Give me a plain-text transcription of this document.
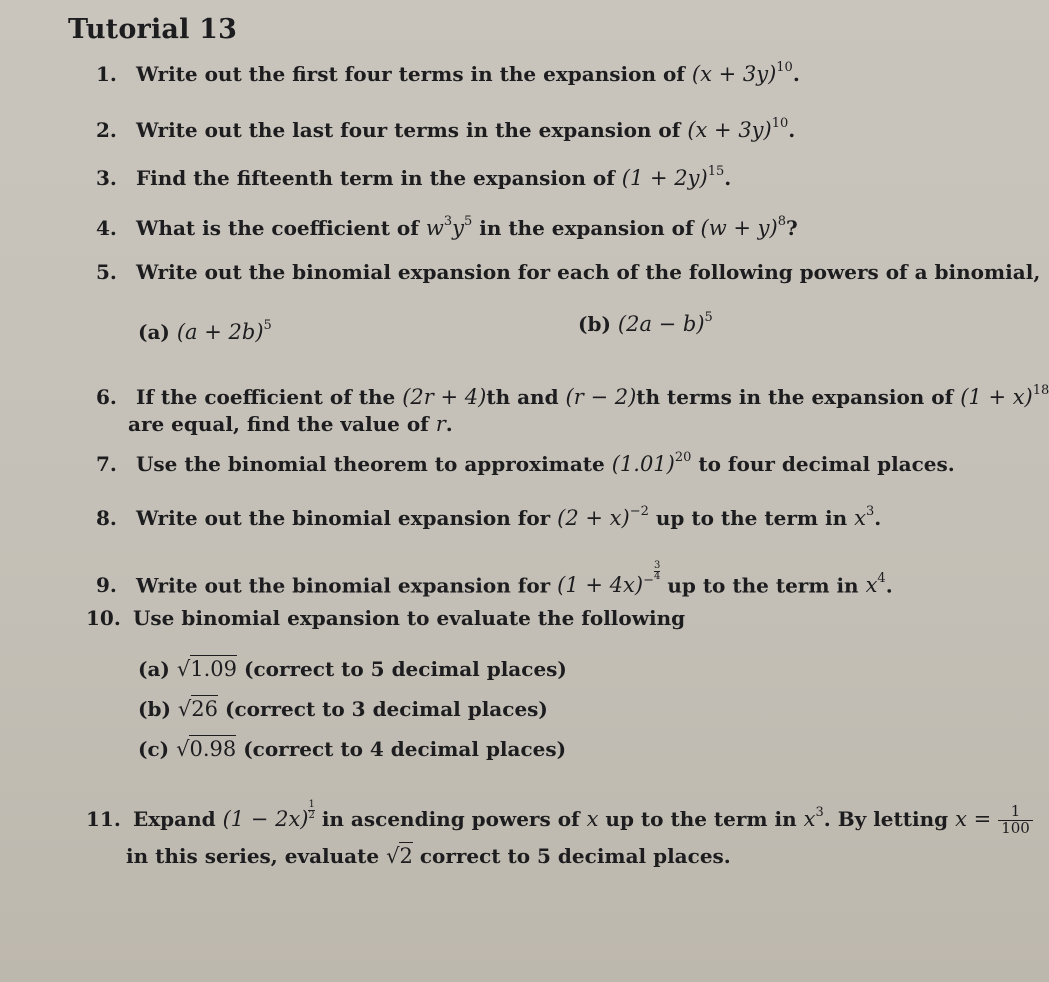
Tutorial 13
1. Write out the first four terms in the expansion of $(x + 3y)^{10}$.
2. Write out the last four terms in the expansion of $(x + 3y)^{10}$.
3. Find the fifteenth term in the expansion of $(1 + 2y)^{15}$.
4. What is the coefficient of $w^3y^5$ in the expansion of $(w + y)^8$?
5. Write out the binomial expansion for each of the following powers of a binomial,
(a) $(a + 2b)^5$	(b) $(2a - b)^5$
6. If the coefficient of the (2r + 4)th and (r − 2)th terms in the expansion of $(1 + x)^{18}$
are equal, find the value of r.
7. Use the binomial theorem to approximate $(1.01)^{20}$ to four decimal places.
8. Write out the binomial expansion for $(2 + x)^{-2}$ up to the term in $x^3$.
9. Write out the binomial expansion for $(1 + 4x)^{- \frac{3}{4}}$
up to the term in $x^4$.
10. Use binomial expansion to evaluate the following
(a) √1.09 (correct to 5 decimal places)
(b) √26 (correct to 3 decimal places)
(c) √0.98 (correct to 4 decimal places)
11. Expand $(1 - 2x) \frac{1}{2}$ in ascending powers of x up to the term in $x^3$. By letting $x = \frac{1}{100}$
in this series, evaluate √2 correct to 5 decimal places.
